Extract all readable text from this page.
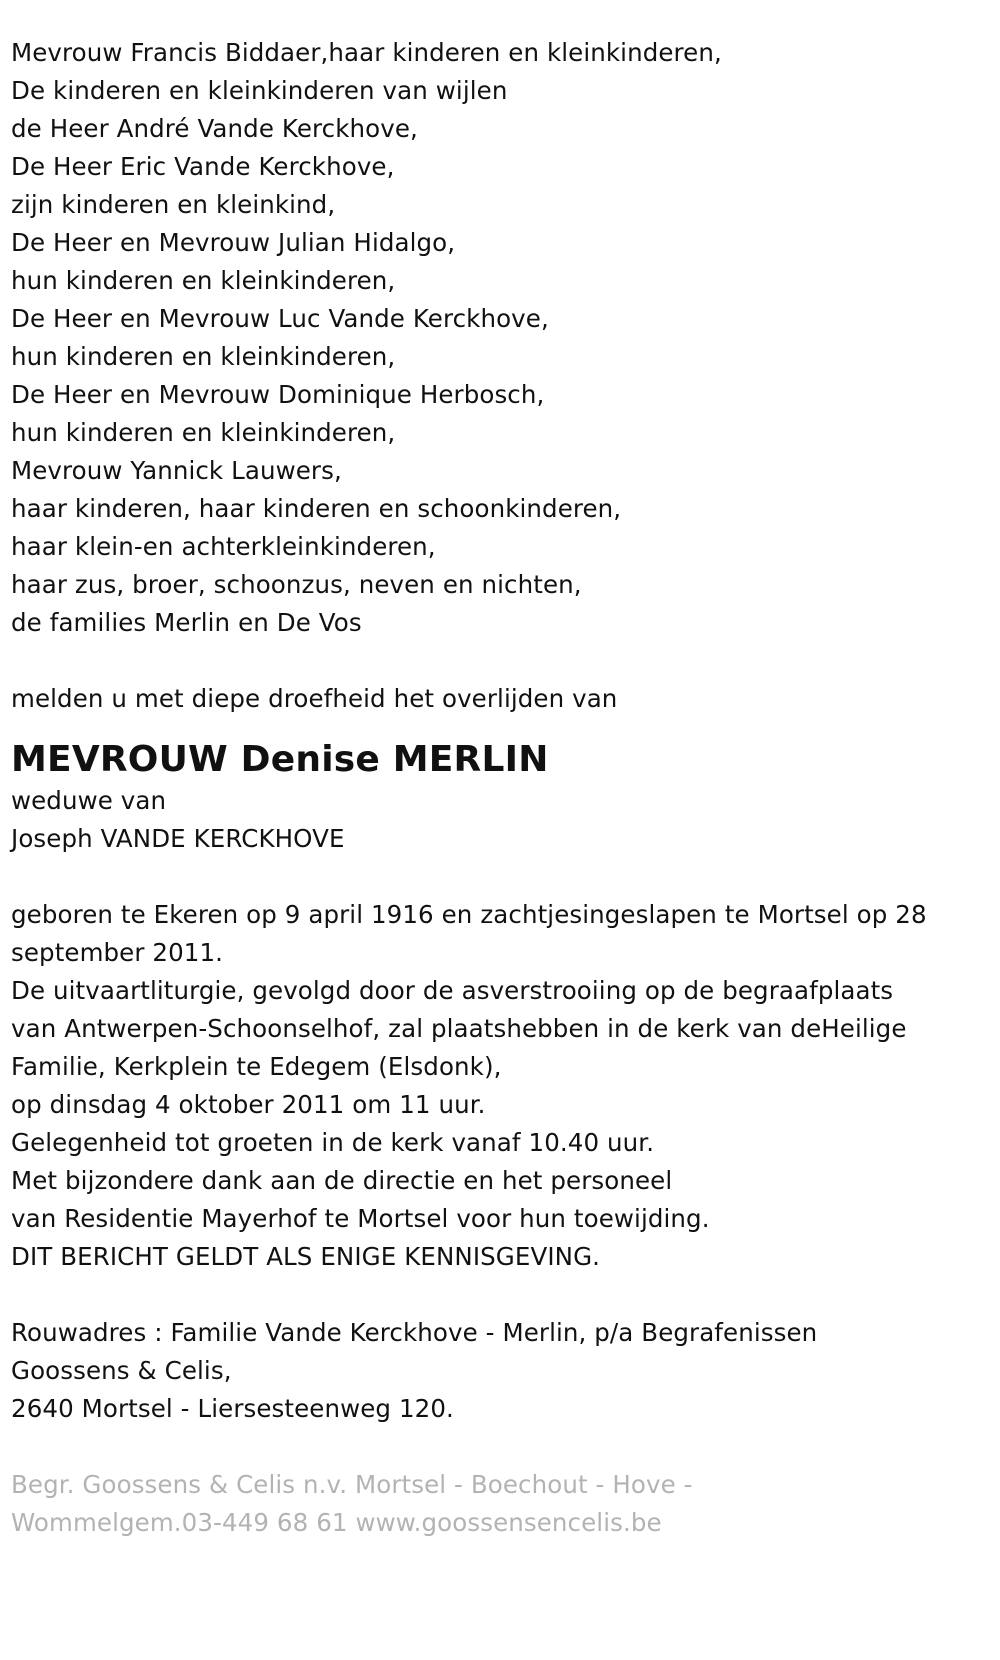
Mevrouw Francis Biddaer,haar kinderen en kleinkinderen,
De kinderen en kleinkinderen van wijlen
de Heer André Vande Kerckhove,
De Heer Eric Vande Kerckhove,
zijn kinderen en kleinkind,
De Heer en Mevrouw Julian Hidalgo,
hun kinderen en kleinkinderen,
De Heer en Mevrouw Luc Vande Kerckhove,
hun kinderen en kleinkinderen,
De Heer en Mevrouw Dominique Herbosch,
hun kinderen en kleinkinderen,
Mevrouw Yannick Lauwers,
haar kinderen, haar kinderen en schoonkinderen,
haar klein-en achterkleinkinderen,
haar zus, broer, schoonzus, neven en nichten,
de families Merlin en De Vos
melden u met diepe droefheid het overlijden van
MEVROUW Denise MERLIN
weduwe van
Joseph VANDE KERCKHOVE
geboren te Ekeren op 9 april 1916 en zachtjesingeslapen te Mortsel op 28
september 2011.
De uitvaartliturgie, gevolgd door de asverstrooiing op de begraafplaats
van Antwerpen-Schoonselhof, zal plaatshebben in de kerk van deHeilige
Familie, Kerkplein te Edegem (Elsdonk),
op dinsdag 4 oktober 2011 om 11 uur.
Gelegenheid tot groeten in de kerk vanaf 10.40 uur.
Met bijzondere dank aan de directie en het personeel
van Residentie Mayerhof te Mortsel voor hun toewijding.
DIT BERICHT GELDT ALS ENIGE KENNISGEVING.
Rouwadres : Familie Vande Kerckhove - Merlin, p/a Begrafenissen
Goossens & Celis,
2640 Mortsel - Liersesteenweg 120.
Begr. Goossens & Celis n.v. Mortsel - Boechout - Hove -
Wommelgem.03-449 68 61 www.goossensencelis.be
